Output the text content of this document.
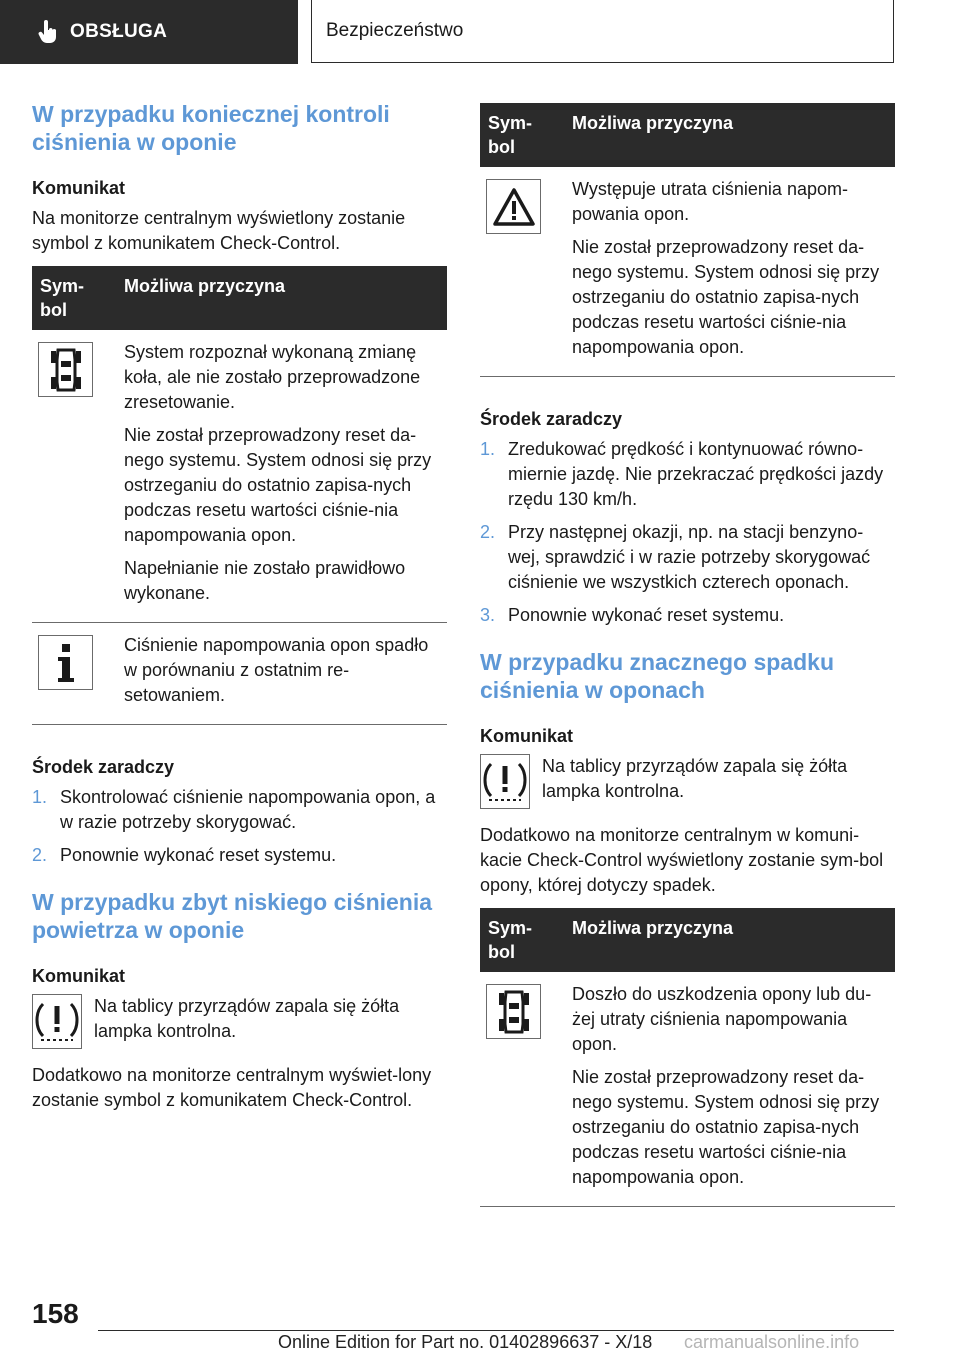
OBSŁUGA	Bezpieczeństwo
W przypadku koniecznej kontroli ciśnienia w oponie
Komunikat

Na monitorze centralnym wyświetlony zostanie symbol z komunikatem Check-Control.

Sym-
bol
Możliwa przyczyna

System rozpoznał wykonaną zmianę koła, ale nie zostało przeprowadzone zresetowanie.

Nie został przeprowadzony reset da-nego systemu. System odnosi się przy ostrzeganiu do ostatnio zapisa-nych podczas resetu wartości ciśnie-nia napompowania opon.

Napełnianie nie zostało prawidłowo wykonane.

Ciśnienie napompowania opon spadło w porównaniu z ostatnim re-setowaniem.

Środek zaradczy
1. Skontrolować ciśnienie napompowania opon, a w razie potrzeby skorygować.
2. Ponownie wykonać reset systemu.
W przypadku zbyt niskiego ciśnienia powietrza w oponie
Komunikat

Na tablicy przyrządów zapala się żółta lampka kontrolna.

Dodatkowo na monitorze centralnym wyświet-lony zostanie symbol z komunikatem Check-Control.

Sym-
bol
Możliwa przyczyna

Występuje utrata ciśnienia napom-powania opon.

Nie został przeprowadzony reset da-nego systemu. System odnosi się przy ostrzeganiu do ostatnio zapisa-nych podczas resetu wartości ciśnie-nia napompowania opon.

Środek zaradczy
1. Zredukować prędkość i kontynuować równo-miernie jazdę. Nie przekraczać prędkości jazdy rzędu 130 km/h.
2. Przy następnej okazji, np. na stacji benzyno-wej, sprawdzić i w razie potrzeby skorygować ciśnienie we wszystkich czterech oponach.
3. Ponownie wykonać reset systemu.
W przypadku znacznego spadku ciśnienia w oponach
Komunikat

Na tablicy przyrządów zapala się żółta lampka kontrolna.

Dodatkowo na monitorze centralnym w komuni-kacie Check-Control wyświetlony zostanie sym-bol opony, której dotyczy spadek.

Sym-
bol
Możliwa przyczyna

Doszło do uszkodzenia opony lub du-żej utraty ciśnienia napompowania opon.

Nie został przeprowadzony reset da-nego systemu. System odnosi się przy ostrzeganiu do ostatnio zapisa-nych podczas resetu wartości ciśnie-nia napompowania opon.

158
Online Edition for Part no. 01402896637 - X/18 carmanualsonline.info
